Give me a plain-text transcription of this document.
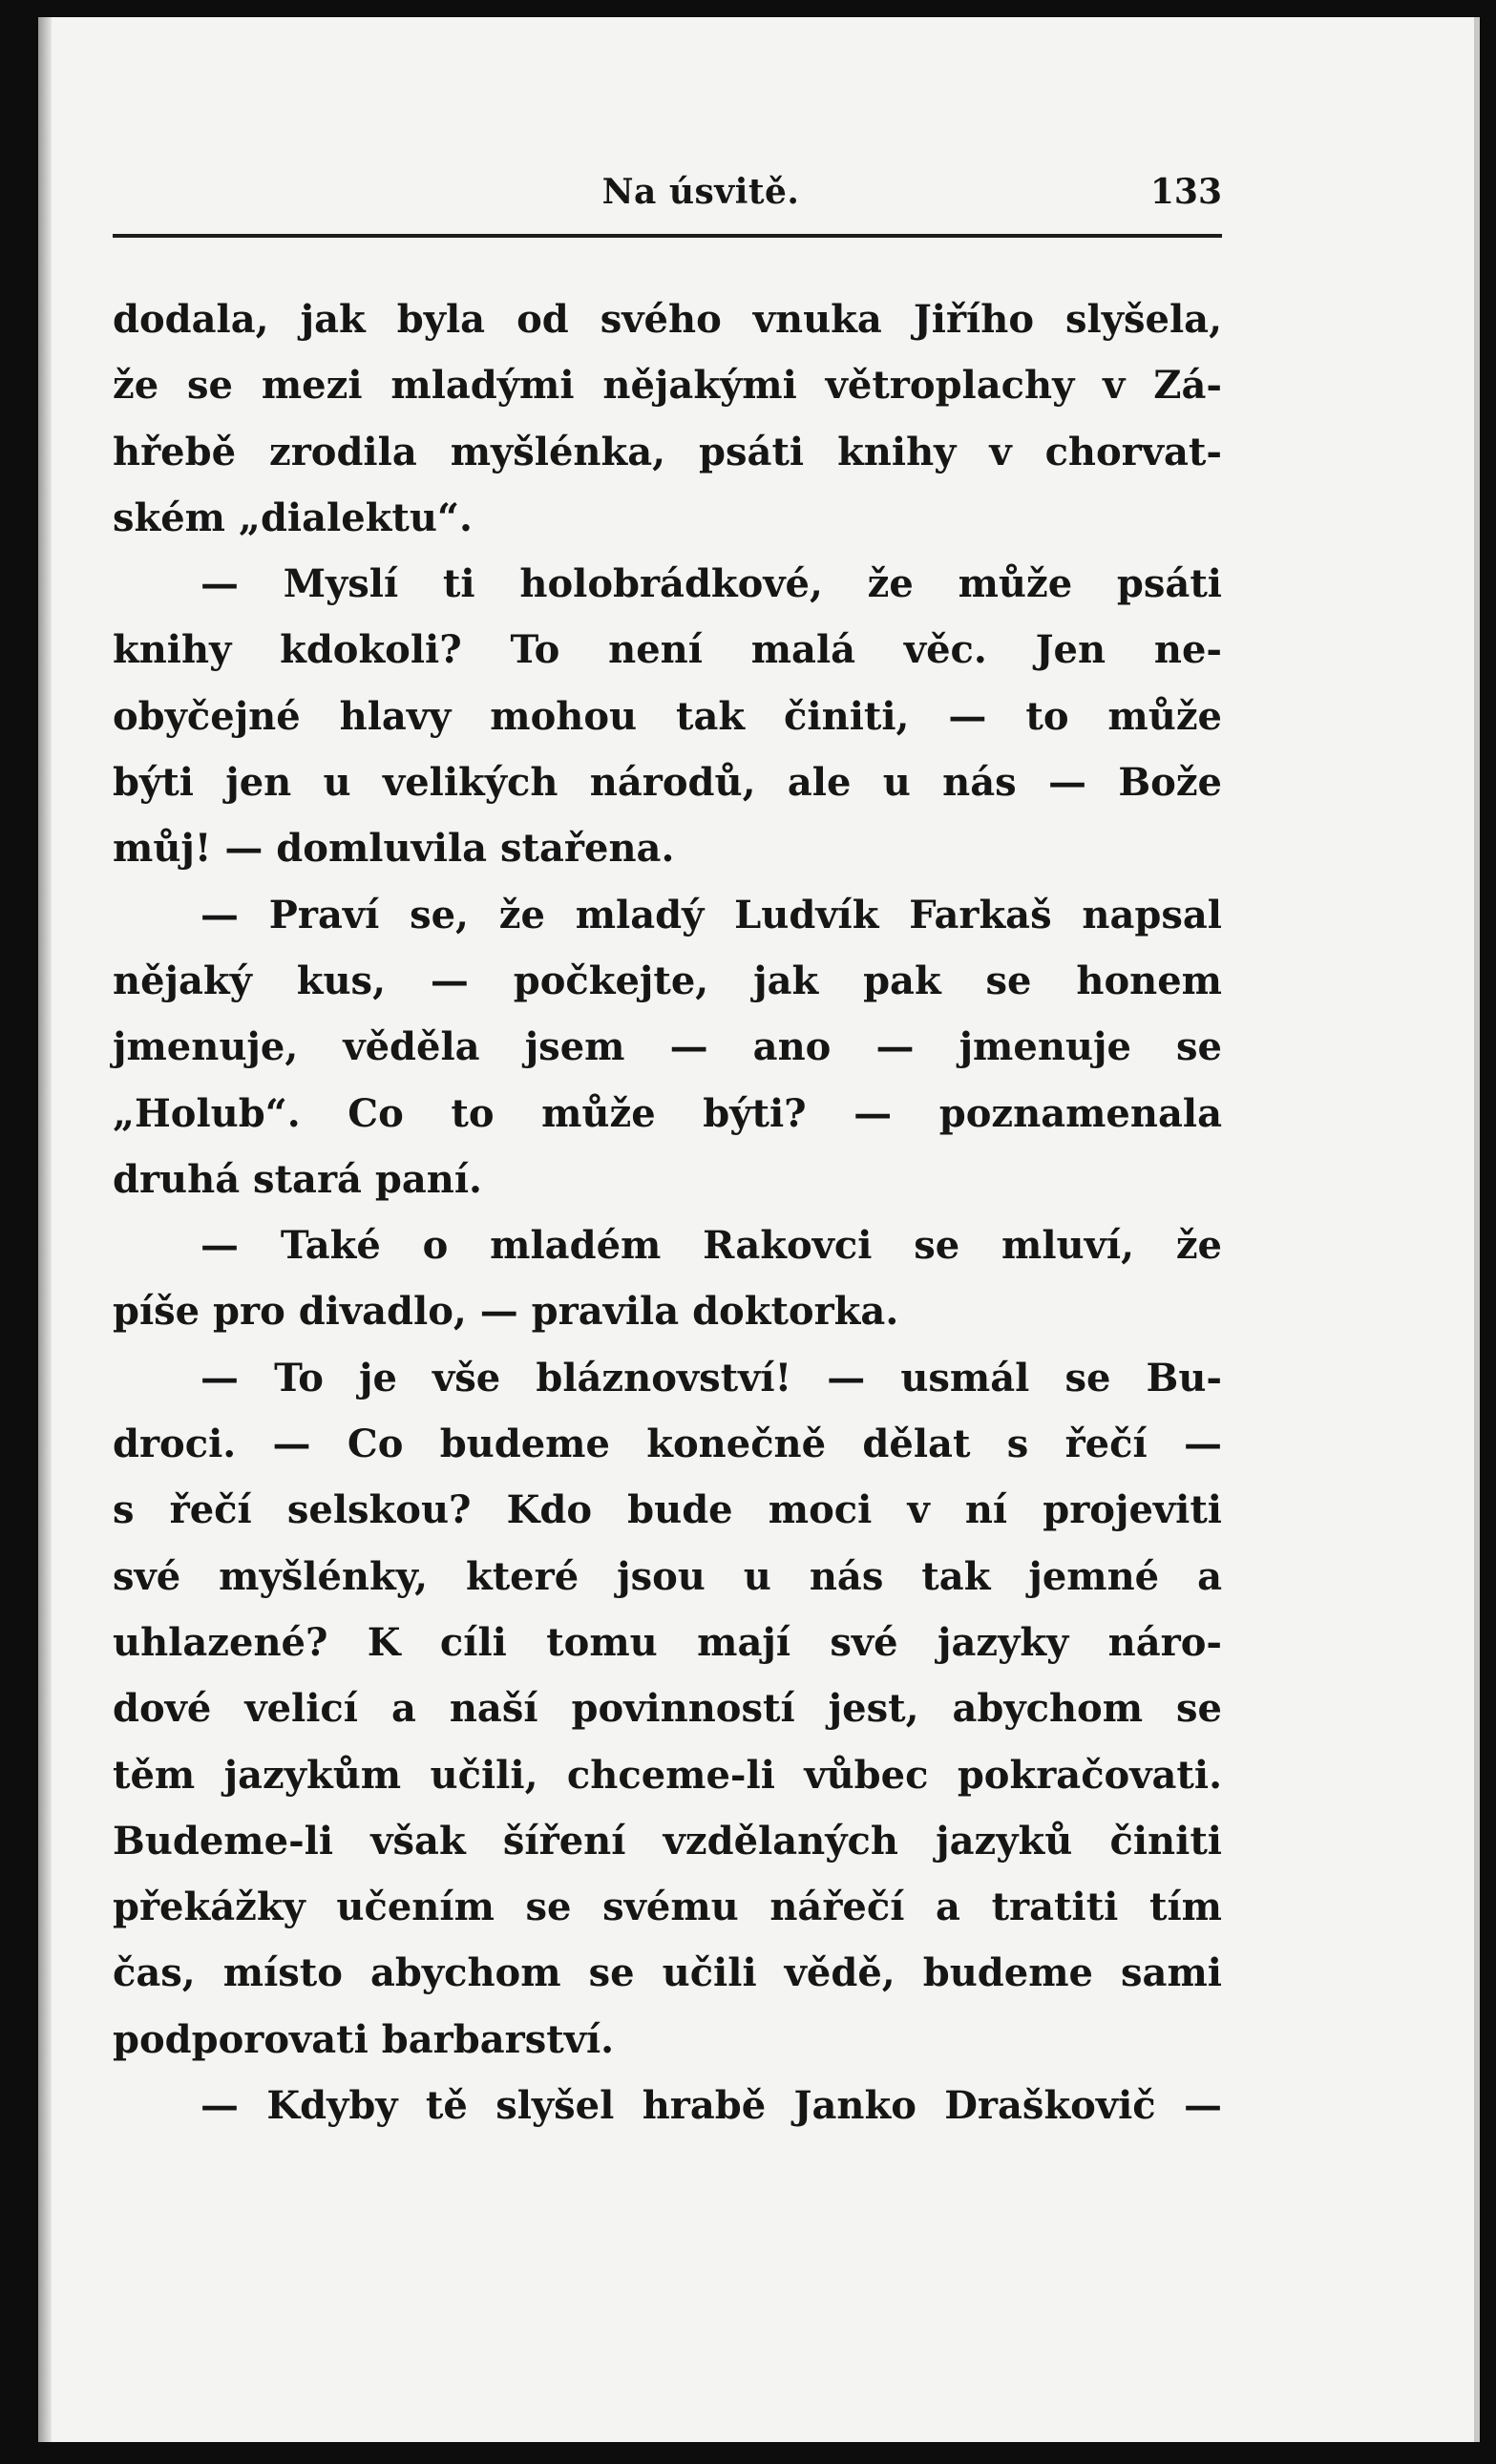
Na úsvitě.	133
dodala, jak byla od svého vnuka Jiřího slyšela,
že se mezi mladými nějakými větroplachy v Zá-
hřebě zrodila myšlénka, psáti knihy v chorvat-
ském „dialektu“.
— Myslí ti holobrádkové, že může psáti
knihy kdokoli? To není malá věc. Jen ne-
obyčejné hlavy mohou tak činiti, — to může
býti jen u velikých národů, ale u nás — Bože
můj! — domluvila stařena.
— Praví se, že mladý Ludvík Farkaš napsal
nějaký kus, — počkejte, jak pak se honem
jmenuje, věděla jsem — ano — jmenuje se
„Holub“. Co to může býti? — poznamenala
druhá stará paní.
— Také o mladém Rakovci se mluví, že
píše pro divadlo, — pravila doktorka.
— To je vše bláznovství! — usmál se Bu-
droci. — Co budeme konečně dělat s řečí —
s řečí selskou? Kdo bude moci v ní projeviti
své myšlénky, které jsou u nás tak jemné a
uhlazené? K cíli tomu mají své jazyky náro-
dové velicí a naší povinností jest, abychom se
těm jazykům učili, chceme-li vůbec pokračovati.
Budeme-li však šíření vzdělaných jazyků činiti
překážky učením se svému nářečí a tratiti tím
čas, místo abychom se učili vědě, budeme sami
podporovati barbarství.
— Kdyby tě slyšel hrabě Janko Draškovič —
